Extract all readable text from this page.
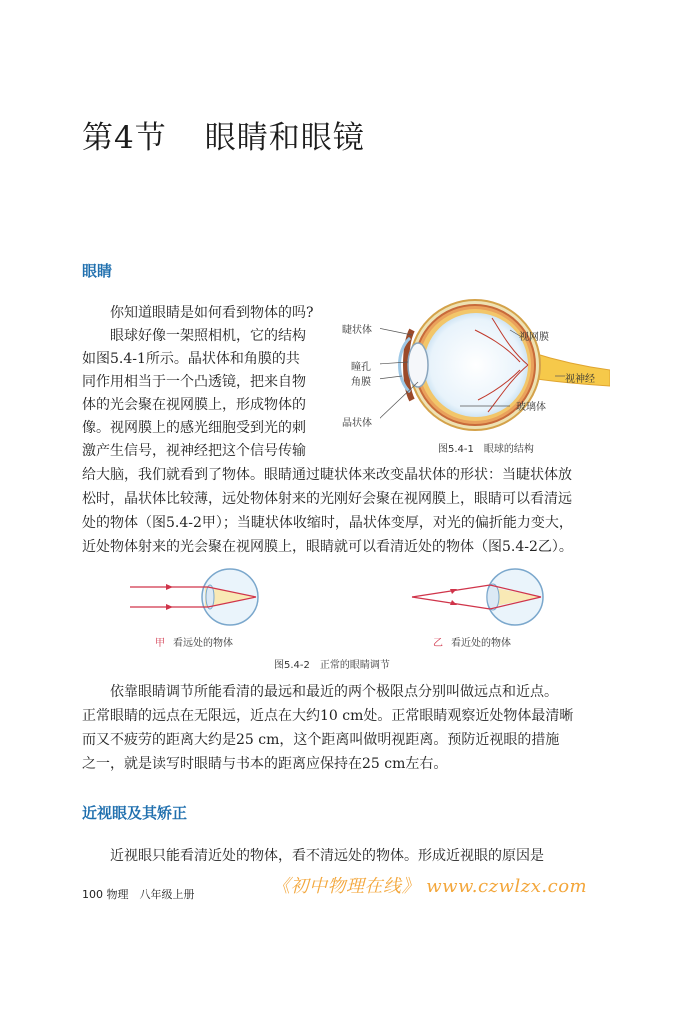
第4节 眼睛和眼镜
眼睛
你知道眼睛是如何看到物体的吗?
眼球好像一架照相机，它的结构
如图5.4-1所示。晶状体和角膜的共
同作用相当于一个凸透镜，把来自物
体的光会聚在视网膜上，形成物体的
像。视网膜上的感光细胞受到光的刺
激产生信号，视神经把这个信号传输
给大脑，我们就看到了物体。眼睛通过睫状体来改变晶状体的形状：当睫状体放
松时，晶状体比较薄，远处物体射来的光刚好会聚在视网膜上，眼睛可以看清远
处的物体（图5.4-2甲）；当睫状体收缩时，晶状体变厚，对光的偏折能力变大，
近处物体射来的光会聚在视网膜上，眼睛就可以看清近处的物体（图5.4-2乙）。
睫状体
瞳孔
角膜
晶状体
视网膜
视神经
玻璃体
图5.4-1　眼球的结构
甲 看远处的物体	乙 看近处的物体
图5.4-2　正常的眼睛调节
依靠眼睛调节所能看清的最远和最近的两个极限点分别叫做远点和近点。
正常眼睛的远点在无限远，近点在大约10 cm处。正常眼睛观察近处物体最清晰
而又不疲劳的距离大约是25 cm，这个距离叫做明视距离。预防近视眼的措施
之一，就是读写时眼睛与书本的距离应保持在25 cm左右。
近视眼及其矫正
近视眼只能看清近处的物体，看不清远处的物体。形成近视眼的原因是
100 物理　八年级上册	《初中物理在线》 www.czwlzx.com
